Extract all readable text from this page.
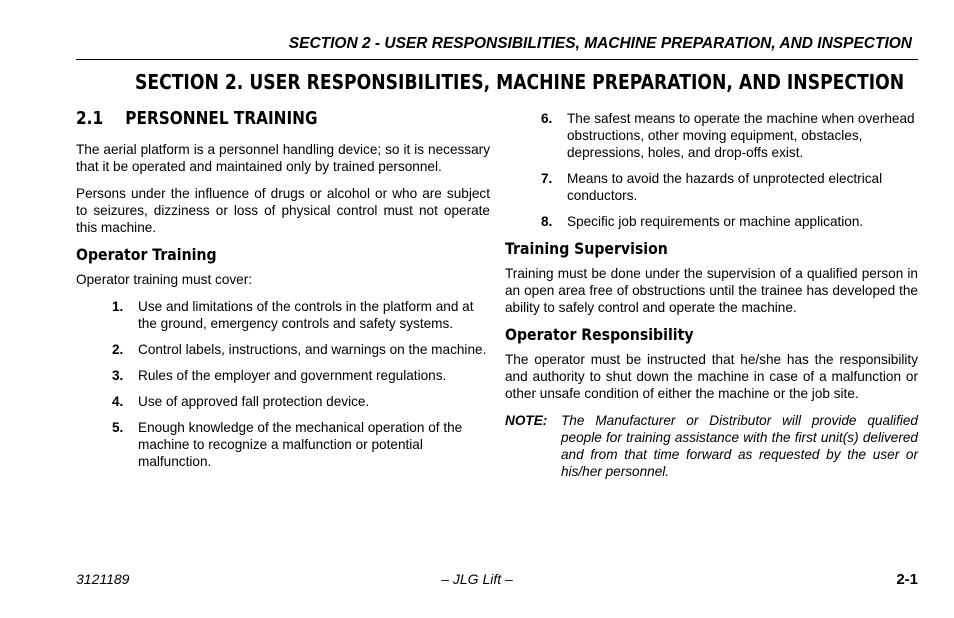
SECTION 2 - USER RESPONSIBILITIES, MACHINE PREPARATION, AND INSPECTION
SECTION 2. USER RESPONSIBILITIES, MACHINE PREPARATION, AND INSPECTION
2.1 PERSONNEL TRAINING

The aerial platform is a personnel handling device; so it is necessary that it be operated and maintained only by trained personnel.

Persons under the influence of drugs or alcohol or who are subject to seizures, dizziness or loss of physical control must not operate this machine.

Operator Training

Operator training must cover:

1.	Use and limitations of the controls in the platform and at the ground, emergency controls and safety systems.
2.	Control labels, instructions, and warnings on the machine.
3.	Rules of the employer and government regulations.
4.	Use of approved fall protection device.
5.	Enough knowledge of the mechanical operation of the machine to recognize a malfunction or potential malfunction.
6.	The safest means to operate the machine when overhead obstructions, other moving equipment, obstacles, depressions, holes, and drop-offs exist.
7.	Means to avoid the hazards of unprotected electrical conductors.
8.	Specific job requirements or machine application.
Training Supervision

Training must be done under the supervision of a qualified person in an open area free of obstructions until the trainee has developed the ability to safely control and operate the machine.

Operator Responsibility

The operator must be instructed that he/she has the responsibility and authority to shut down the machine in case of a malfunction or other unsafe condition of either the machine or the job site.

NOTE:	The Manufacturer or Distributor will provide qualified people for training assistance with the first unit(s) delivered and from that time forward as requested by the user or his/her personnel.
– JLG Lift –
3121189	2-1
